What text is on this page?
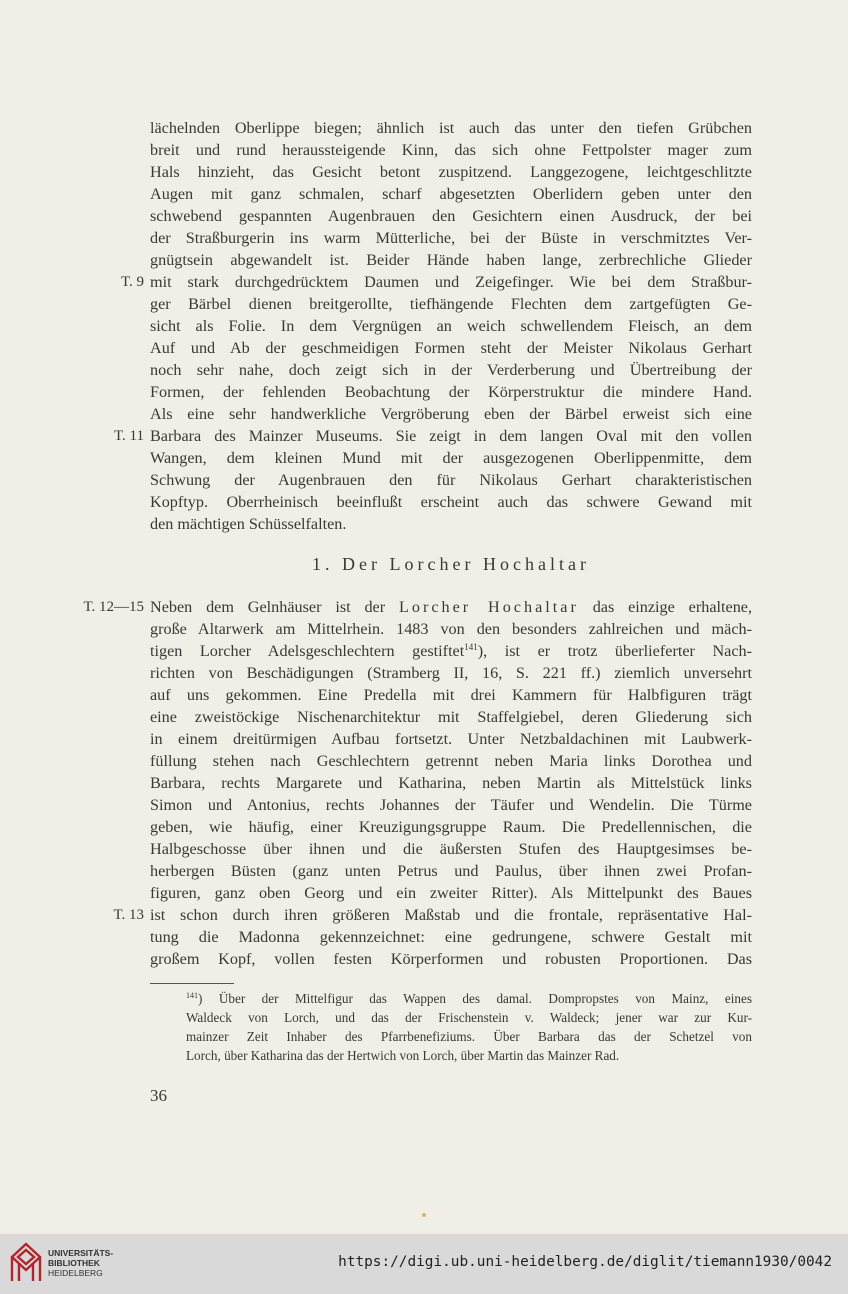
lächelnden Oberlippe biegen; ähnlich ist auch das unter den tiefen Grübchen
breit und rund heraussteigende Kinn, das sich ohne Fettpolster mager zum
Hals hinzieht, das Gesicht betont zuspitzend. Langgezogene, leichtgeschlitzte
Augen mit ganz schmalen, scharf abgesetzten Oberlidern geben unter den
schwebend gespannten Augenbrauen den Gesichtern einen Ausdruck, der bei
der Straßburgerin ins warm Mütterliche, bei der Büste in verschmitztes Ver-
gnügtsein abgewandelt ist. Beider Hände haben lange, zerbrechliche Glieder
mit stark durchgedrücktem Daumen und Zeigefinger. Wie bei dem Straßbur-
ger Bärbel dienen breitgerollte, tiefhängende Flechten dem zartgefügten Ge-
sicht als Folie. In dem Vergnügen an weich schwellendem Fleisch, an dem
Auf und Ab der geschmeidigen Formen steht der Meister Nikolaus Gerhart
noch sehr nahe, doch zeigt sich in der Verderberung und Übertreibung der
Formen, der fehlenden Beobachtung der Körperstruktur die mindere Hand.
Als eine sehr handwerkliche Vergröberung eben der Bärbel erweist sich eine
Barbara des Mainzer Museums. Sie zeigt in dem langen Oval mit den vollen
Wangen, dem kleinen Mund mit der ausgezogenen Oberlippenmitte, dem
Schwung der Augenbrauen den für Nikolaus Gerhart charakteristischen
Kopftyp. Oberrheinisch beeinflußt erscheint auch das schwere Gewand mit
den mächtigen Schüsselfalten.
T. 9
T. 11
T. 12—15
T. 13
1. Der Lorcher Hochaltar
Neben dem Gelnhäuser ist der Lorcher Hochaltar das einzige erhaltene,
große Altarwerk am Mittelrhein. 1483 von den besonders zahlreichen und mäch-
tigen Lorcher Adelsgeschlechtern gestiftet$^{141}$), ist er trotz überlieferter Nach-
richten von Beschädigungen (Stramberg II, 16, S. 221 ff.) ziemlich unversehrt
auf uns gekommen. Eine Predella mit drei Kammern für Halbfiguren trägt
eine zweistöckige Nischenarchitektur mit Staffelgiebel, deren Gliederung sich
in einem dreitürmigen Aufbau fortsetzt. Unter Netzbaldachinen mit Laubwerk-
füllung stehen nach Geschlechtern getrennt neben Maria links Dorothea und
Barbara, rechts Margarete und Katharina, neben Martin als Mittelstück links
Simon und Antonius, rechts Johannes der Täufer und Wendelin. Die Türme
geben, wie häufig, einer Kreuzigungsgruppe Raum. Die Predellennischen, die
Halbgeschosse über ihnen und die äußersten Stufen des Hauptgesimses be-
herbergen Büsten (ganz unten Petrus und Paulus, über ihnen zwei Profan-
figuren, ganz oben Georg und ein zweiter Ritter). Als Mittelpunkt des Baues
ist schon durch ihren größeren Maßstab und die frontale, repräsentative Hal-
tung die Madonna gekennzeichnet: eine gedrungene, schwere Gestalt mit
großem Kopf, vollen festen Körperformen und robusten Proportionen. Das
$^{141}$) Über der Mittelfigur das Wappen des damal. Dompropstes von Mainz, eines
Waldeck von Lorch, und das der Frischenstein v. Waldeck; jener war zur Kur-
mainzer Zeit Inhaber des Pfarrbenefiziums. Über Barbara das der Schetzel von
Lorch, über Katharina das der Hertwich von Lorch, über Martin das Mainzer Rad.
36
UNIVERSITÄTS-
BIBLIOTHEK
HEIDELBERG
https://digi.ub.uni-heidelberg.de/diglit/tiemann1930/0042
